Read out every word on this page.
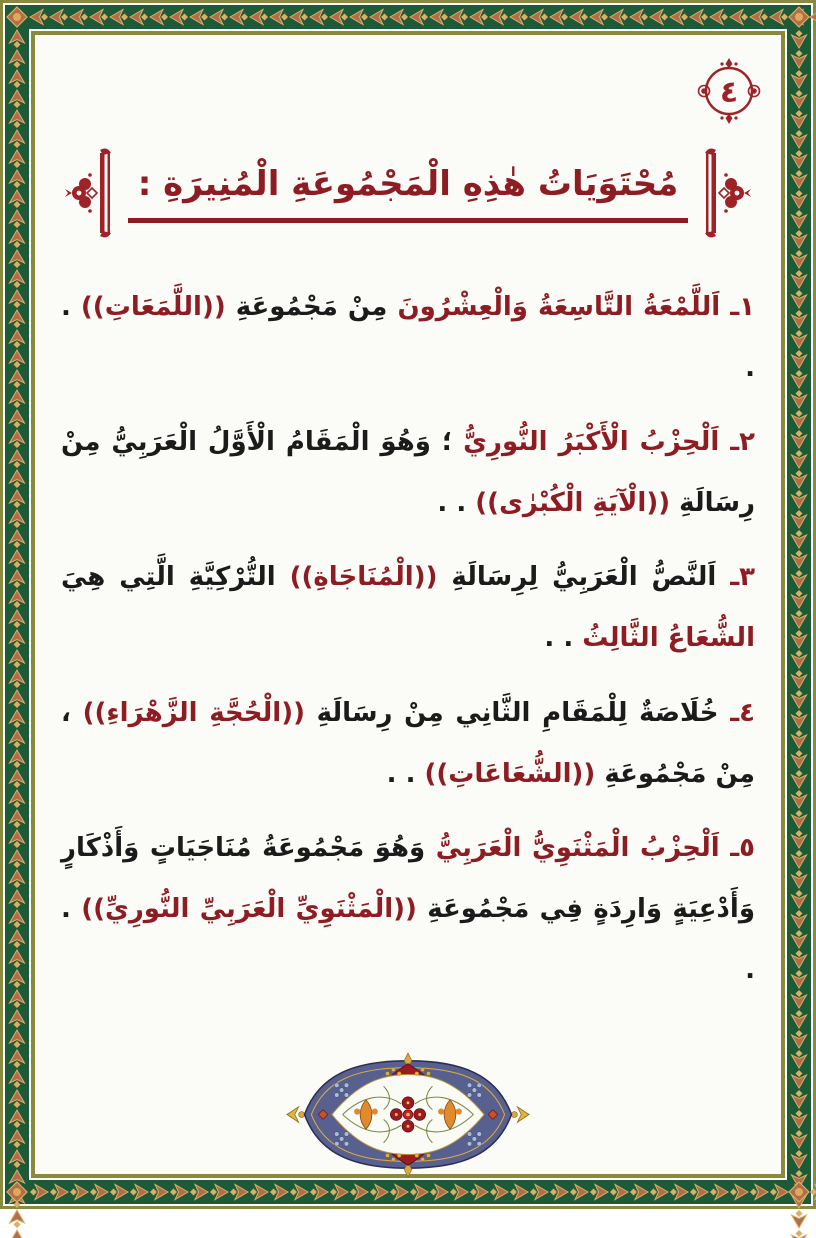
٤
مُحْتَوَيَاتُ هٰذِهِ الْمَجْمُوعَةِ الْمُنِيرَةِ :
١ـ اَللَّمْعَةُ التَّاسِعَةُ وَالْعِشْرُونَ مِنْ مَجْمُوعَةِ ((اللَّمَعَاتِ)) . .
٢ـ اَلْحِزْبُ الْأَكْبَرُ النُّورِيُّ ؛ وَهُوَ الْمَقَامُ الْأَوَّلُ الْعَرَبِيُّ مِنْ رِسَالَةِ ((الْآيَةِ الْكُبْرٰى)) . .
٣ـ اَلنَّصُّ الْعَرَبِيُّ لِرِسَالَةِ ((الْمُنَاجَاةِ)) التُّرْكِيَّةِ الَّتِي هِيَ الشُّعَاعُ الثَّالِثُ . .
٤ـ خُلَاصَةٌ لِلْمَقَامِ الثَّانِي مِنْ رِسَالَةِ ((الْحُجَّةِ الزَّهْرَاءِ)) ، مِنْ مَجْمُوعَةِ ((الشُّعَاعَاتِ)) . .
٥ـ اَلْحِزْبُ الْمَثْنَوِيُّ الْعَرَبِيُّ وَهُوَ مَجْمُوعَةُ مُنَاجَيَاتٍ وَأَذْكَارٍ وَأَدْعِيَةٍ وَارِدَةٍ فِي مَجْمُوعَةِ ((الْمَثْنَوِيِّ الْعَرَبِيِّ النُّورِيِّ)) . .
